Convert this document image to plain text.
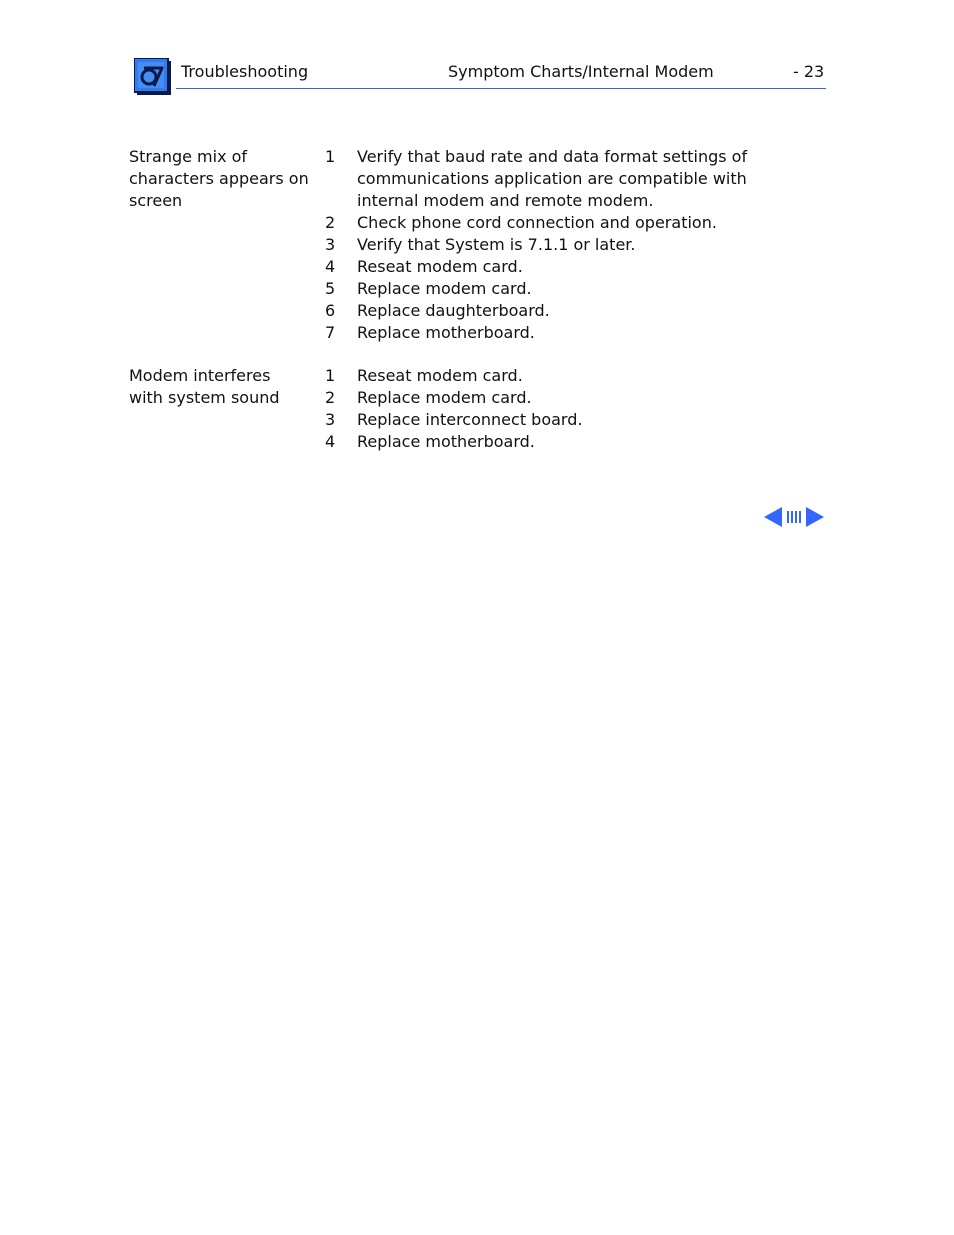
Troubleshooting	Symptom Charts/Internal Modem	- 23
Strange mix of characters appears on screen
1 Verify that baud rate and data format settings of communications application are compatible with internal modem and remote modem.
2 Check phone cord connection and operation.
3 Verify that System is 7.1.1 or later.
4 Reseat modem card.
5 Replace modem card.
6 Replace daughterboard.
7 Replace motherboard.
Modem interferes with system sound
1 Reseat modem card.
2 Replace modem card.
3 Replace interconnect board.
4 Replace motherboard.
